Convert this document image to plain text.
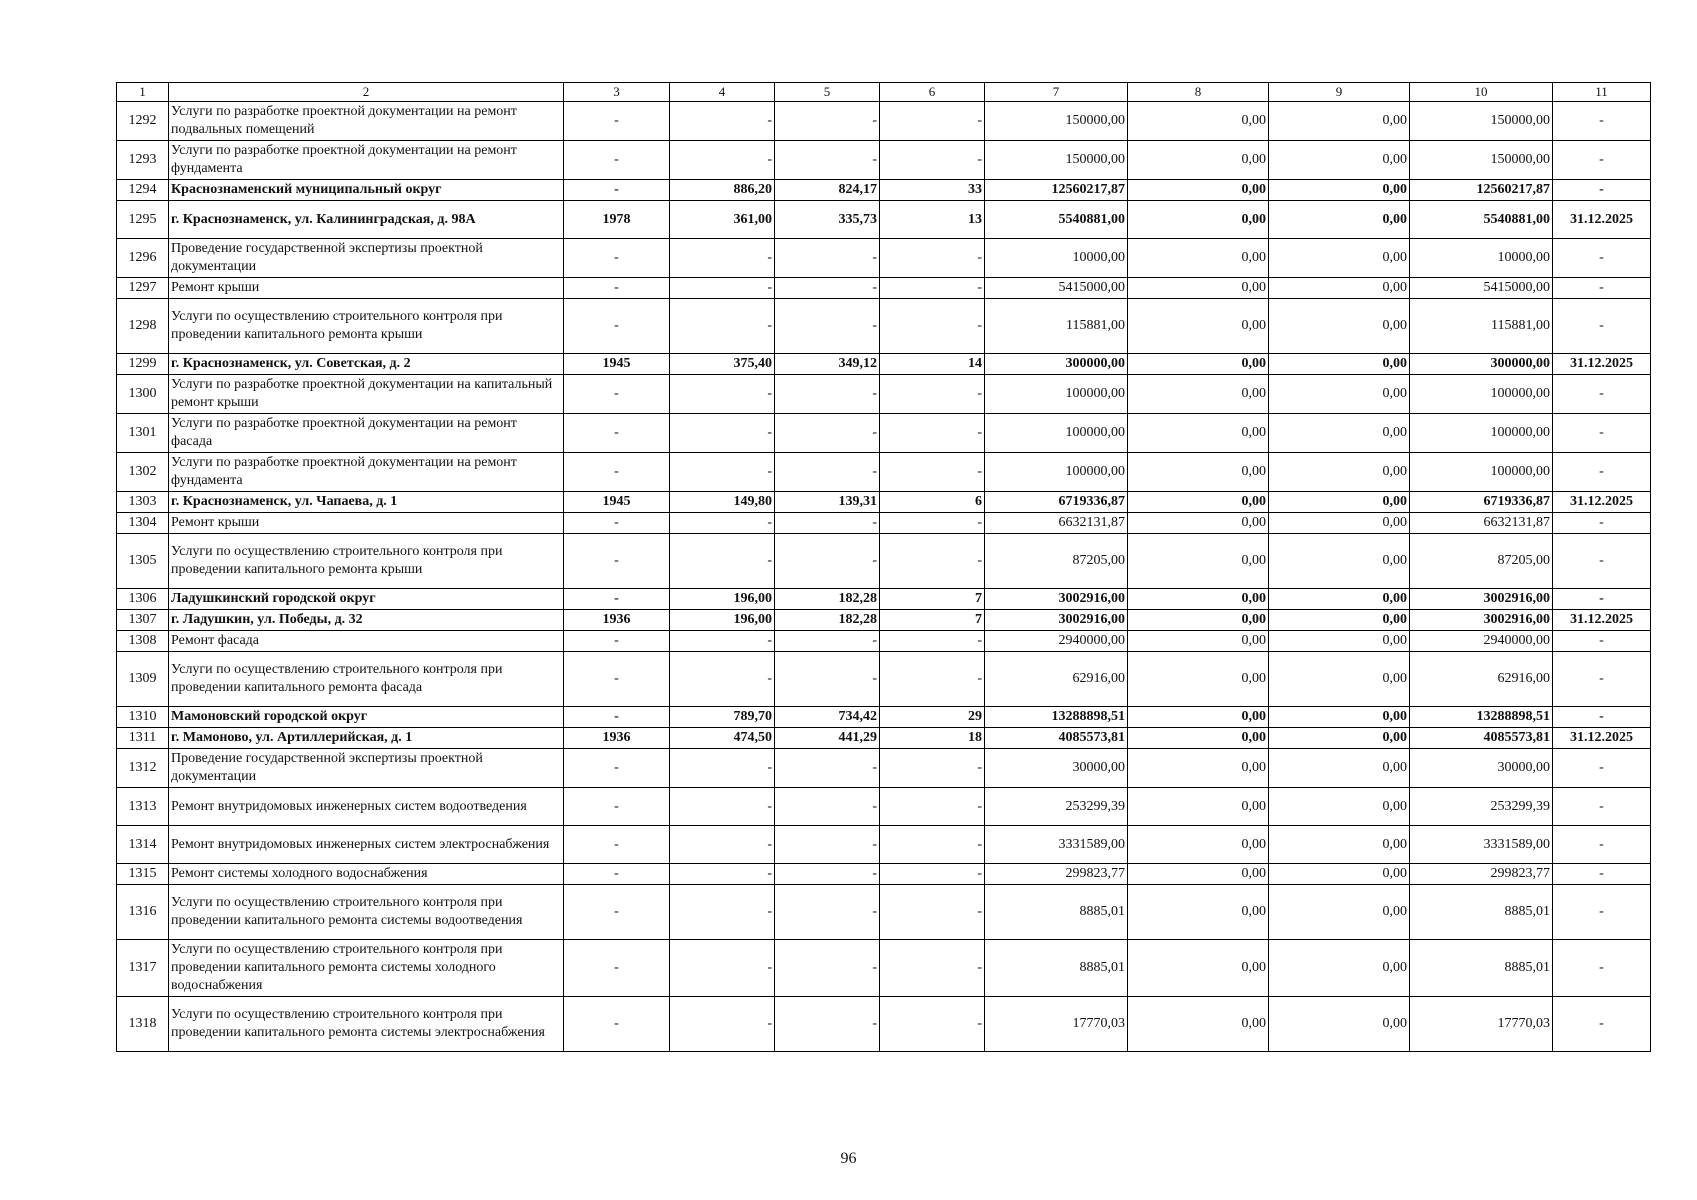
1	2	3	4	5	6	7	8	9	10	11
1292	Услуги по разработке проектной документации на ремонт подвальных помещений	-	-	-	-	150000,00	0,00	0,00	150000,00	-
1293	Услуги по разработке проектной документации на ремонт фундамента	-	-	-	-	150000,00	0,00	0,00	150000,00	-
1294	Краснознаменский муниципальный округ	-	886,20	824,17	33	12560217,87	0,00	0,00	12560217,87	-
1295	г. Краснознаменск, ул. Калининградская, д. 98А	1978	361,00	335,73	13	5540881,00	0,00	0,00	5540881,00	31.12.2025
1296	Проведение государственной экспертизы проектной документации	-	-	-	-	10000,00	0,00	0,00	10000,00	-
1297	Ремонт крыши	-	-	-	-	5415000,00	0,00	0,00	5415000,00	-
1298	Услуги по осуществлению строительного контроля при проведении капитального ремонта крыши	-	-	-	-	115881,00	0,00	0,00	115881,00	-
1299	г. Краснознаменск, ул. Советская, д. 2	1945	375,40	349,12	14	300000,00	0,00	0,00	300000,00	31.12.2025
1300	Услуги по разработке проектной документации на капитальный ремонт крыши	-	-	-	-	100000,00	0,00	0,00	100000,00	-
1301	Услуги по разработке проектной документации на ремонт фасада	-	-	-	-	100000,00	0,00	0,00	100000,00	-
1302	Услуги по разработке проектной документации на ремонт фундамента	-	-	-	-	100000,00	0,00	0,00	100000,00	-
1303	г. Краснознаменск, ул. Чапаева, д. 1	1945	149,80	139,31	6	6719336,87	0,00	0,00	6719336,87	31.12.2025
1304	Ремонт крыши	-	-	-	-	6632131,87	0,00	0,00	6632131,87	-
1305	Услуги по осуществлению строительного контроля при проведении капитального ремонта крыши	-	-	-	-	87205,00	0,00	0,00	87205,00	-
1306	Ладушкинский городской округ	-	196,00	182,28	7	3002916,00	0,00	0,00	3002916,00	-
1307	г. Ладушкин, ул. Победы, д. 32	1936	196,00	182,28	7	3002916,00	0,00	0,00	3002916,00	31.12.2025
1308	Ремонт фасада	-	-	-	-	2940000,00	0,00	0,00	2940000,00	-
1309	Услуги по осуществлению строительного контроля при проведении капитального ремонта фасада	-	-	-	-	62916,00	0,00	0,00	62916,00	-
1310	Мамоновский городской округ	-	789,70	734,42	29	13288898,51	0,00	0,00	13288898,51	-
1311	г. Мамоново, ул. Артиллерийская, д. 1	1936	474,50	441,29	18	4085573,81	0,00	0,00	4085573,81	31.12.2025
1312	Проведение государственной экспертизы проектной документации	-	-	-	-	30000,00	0,00	0,00	30000,00	-
1313	Ремонт внутридомовых инженерных систем водоотведения	-	-	-	-	253299,39	0,00	0,00	253299,39	-
1314	Ремонт внутридомовых инженерных систем электроснабжения	-	-	-	-	3331589,00	0,00	0,00	3331589,00	-
1315	Ремонт системы холодного водоснабжения	-	-	-	-	299823,77	0,00	0,00	299823,77	-
1316	Услуги по осуществлению строительного контроля при проведении капитального ремонта системы водоотведения	-	-	-	-	8885,01	0,00	0,00	8885,01	-
1317	Услуги по осуществлению строительного контроля при проведении капитального ремонта системы холодного водоснабжения	-	-	-	-	8885,01	0,00	0,00	8885,01	-
1318	Услуги по осуществлению строительного контроля при проведении капитального ремонта системы электроснабжения	-	-	-	-	17770,03	0,00	0,00	17770,03	-
96
